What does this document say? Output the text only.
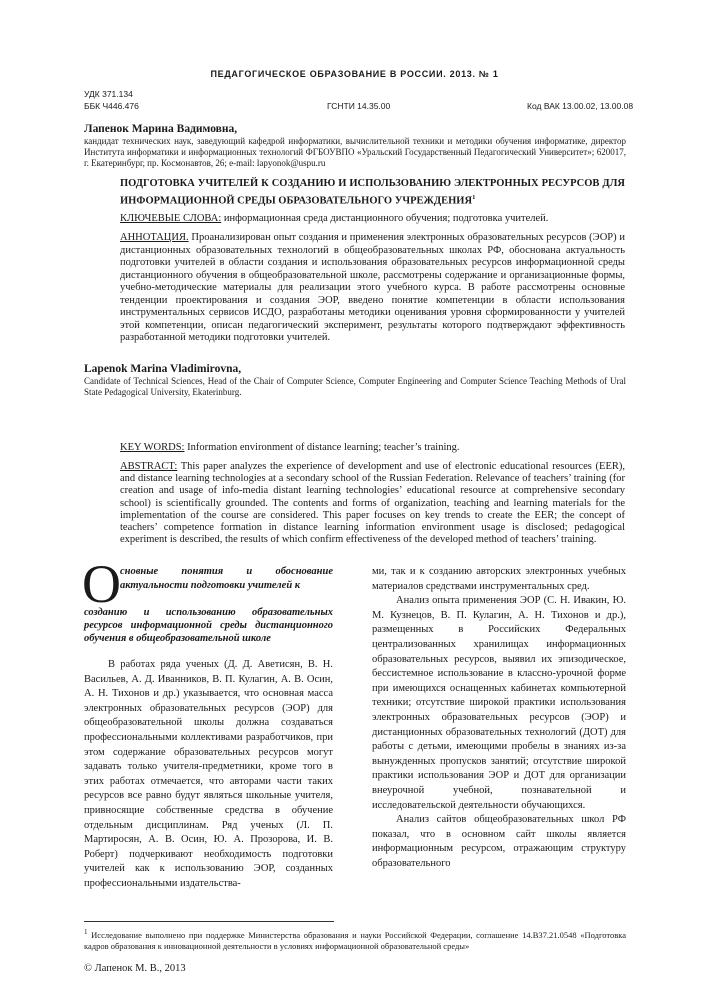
ПЕДАГОГИЧЕСКОЕ ОБРАЗОВАНИЕ В РОССИИ. 2013. № 1
УДК 371.134
ББК Ч446.476	ГСНТИ 14.35.00	Код ВАК 13.00.02, 13.00.08
Лапенок Марина Вадимовна,
кандидат технических наук, заведующий кафедрой информатики, вычислительной техники и методики обучения информатике, директор Института информатики и информационных технологий ФГБОУВПО «Уральский Государственный Педагогический Университет»; 620017, г. Екатеринбург, пр. Космонавтов, 26; e-mail: lapyonok@uspu.ru
ПОДГОТОВКА УЧИТЕЛЕЙ К СОЗДАНИЮ И ИСПОЛЬЗОВАНИЮ ЭЛЕКТРОННЫХ РЕСУРСОВ ДЛЯ ИНФОРМАЦИОННОЙ СРЕДЫ ОБРАЗОВАТЕЛЬНОГО УЧРЕЖДЕНИЯ$^1$
КЛЮЧЕВЫЕ СЛОВА: информационная среда дистанционного обучения; подготовка учителей.
АННОТАЦИЯ. Проанализирован опыт создания и применения электронных образовательных ресурсов (ЭОР) и дистанционных образовательных технологий в общеобразовательных школах РФ, обоснована актуальность подготовки учителей в области создания и использования образовательных ресурсов информационной среды дистанционного обучения в общеобразовательной школе, рассмотрены содержание и организационные формы, учебно-методические материалы для реализации этого учебного курса. В работе рассмотрены основные тенденции проектирования и создания ЭОР, введено понятие компетенции в области использования инструментальных сервисов ИСДО, разработаны методики оценивания уровня сформированности у учителей этой компетенции, описан педагогический эксперимент, результаты которого подтверждают эффективность разработанной методики подготовки учителей.
Lapenok Marina Vladimirovna,
Candidate of Technical Sciences, Head of the Chair of Computer Science, Computer Engineering and Computer Science Teaching Methods of Ural State Pedagogical University, Ekaterinburg.
KEY WORDS: Information environment of distance learning; teacher’s training.
ABSTRACT: This paper analyzes the experience of development and use of electronic educational resources (EER), and distance learning technologies at a secondary school of the Russian Federation. Relevance of teachers’ training (for creation and usage of info-media distant learning technologies’ educational resource at comprehensive secondary school) is scientifically grounded. The contents and forms of organization, teaching and learning materials for the implementation of the course are considered. This paper focuses on key trends to create the EER; the concept of teachers’ competence formation in distance learning information environment usage is disclosed; pedagogical experiment is described, the results of which confirm effectiveness of the developed method of teachers’ training.
О сновные понятия и обоснование актуальности подготовки учителей к
созданию и использованию образовательных ресурсов информационной среды дистанционного обучения в общеобразовательной школе
В работах ряда ученых (Д. Д. Аветисян, В. Н. Васильев, А. Д. Иванников, В. П. Кулагин, А. В. Осин, А. Н. Тихонов и др.) указывается, что основная масса электронных образовательных ресурсов (ЭОР) для общеобразовательной школы должна создаваться профессиональными коллективами разработчиков, при этом содержание образовательных ресурсов могут задавать только учителя-предметники, кроме того в этих работах отмечается, что авторами части таких ресурсов все равно будут являться школьные учителя, привносящие собственные средства в обучение отдельным дисциплинам. Ряд ученых (Л. П. Мартиросян, А. В. Осин, Ю. А. Прозорова, И. В. Роберт) подчеркивают необходимость подготовки учителей как к использованию ЭОР, созданных профессиональными издательства-
ми, так и к созданию авторских электронных учебных материалов средствами инструментальных сред.
Анализ опыта применения ЭОР (С. Н. Ивакин, Ю. М. Кузнецов, В. П. Кулагин, А. Н. Тихонов и др.), размещенных в Российских Федеральных централизованных хранилищах информационных образовательных ресурсов, выявил их эпизодическое, бессистемное использование в классно-урочной форме при имеющихся оснащенных кабинетах компьютерной техники; отсутствие широкой практики использования электронных образовательных ресурсов (ЭОР) и дистанционных образовательных технологий (ДОТ) для работы с детьми, имеющими пробелы в знаниях из-за вынужденных пропусков занятий; отсутствие широкой практики использования ЭОР и ДОТ для организации внеурочной учебной, познавательной и исследовательской деятельности обучающихся.
Анализ сайтов общеобразовательных школ РФ показал, что в основном сайт школы является информационным ресурсом, отражающим структуру образовательного
$^1$ Исследование выполнено при поддержке Министерства образования и науки Российской Федерации, соглашение 14.В37.21.0548 «Подготовка кадров образования к инновационной деятельности в условиях информационной образовательной среды»
© Лапенок М. В., 2013
